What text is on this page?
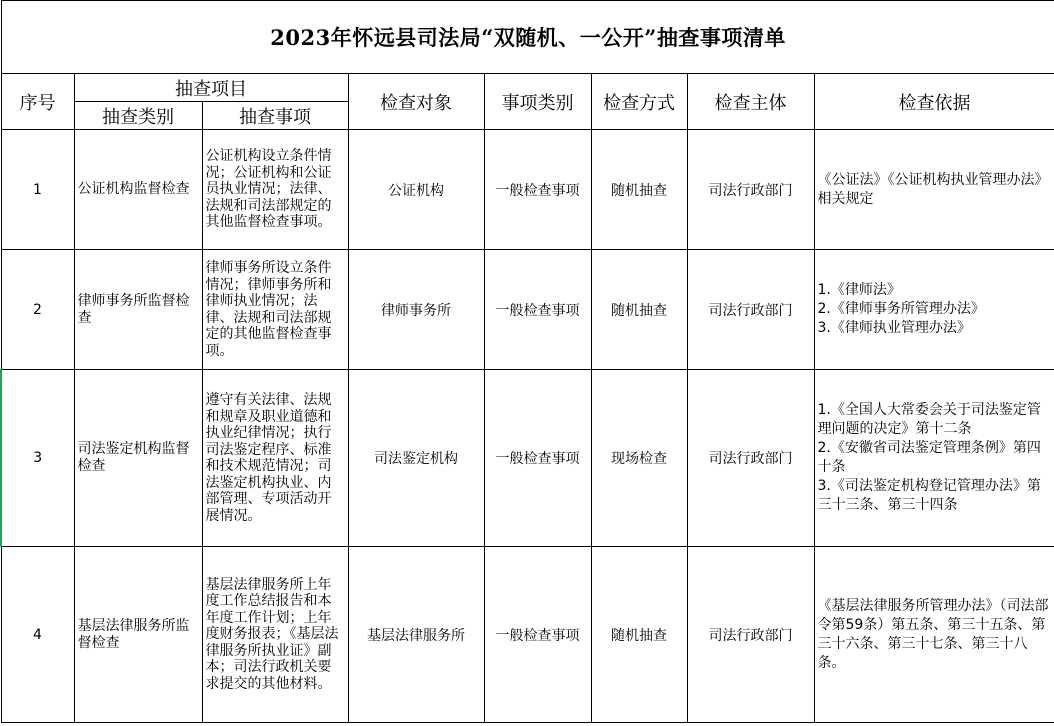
2023年怀远县司法局“双随机、一公开”抽查事项清单							
序号	抽查项目		检查对象	事项类别	检查方式	检查主体	检查依据
	抽查类别	抽查事项					
1	公证机构监督检查	公证机构设立条件情况；公证机构和公证员执业情况；法律、法规和司法部规定的其他监督检查事项。	公证机构	一般检查事项	随机抽查	司法行政部门	《公证法》《公证机构执业管理办法》相关规定

2	律师事务所监督检查	律师事务所设立条件情况；律师事务所和律师执业情况；法律、法规和司法部规定的其他监督检查事项。	律师事务所	一般检查事项	随机抽查	司法行政部门	1.《律师法》
2.《律师事务所管理办法》
3.《律师执业管理办法》

3	司法鉴定机构监督检查	遵守有关法律、法规和规章及职业道德和执业纪律情况；执行司法鉴定程序、标准和技术规范情况；司法鉴定机构执业、内部管理、专项活动开展情况。	司法鉴定机构	一般检查事项	现场检查	司法行政部门	1.《全国人大常委会关于司法鉴定管理问题的决定》第十二条
2.《安徽省司法鉴定管理条例》第四十条
3.《司法鉴定机构登记管理办法》第三十三条、第三十四条

4	基层法律服务所监督检查	基层法律服务所上年度工作总结报告和本年度工作计划；上年度财务报表；《基层法律服务所执业证》副本；司法行政机关要求提交的其他材料。	基层法律服务所	一般检查事项	随机抽查	司法行政部门	《基层法律服务所管理办法》（司法部令第59条）第五条、第三十五条、第三十六条、第三十七条、第三十八条。
